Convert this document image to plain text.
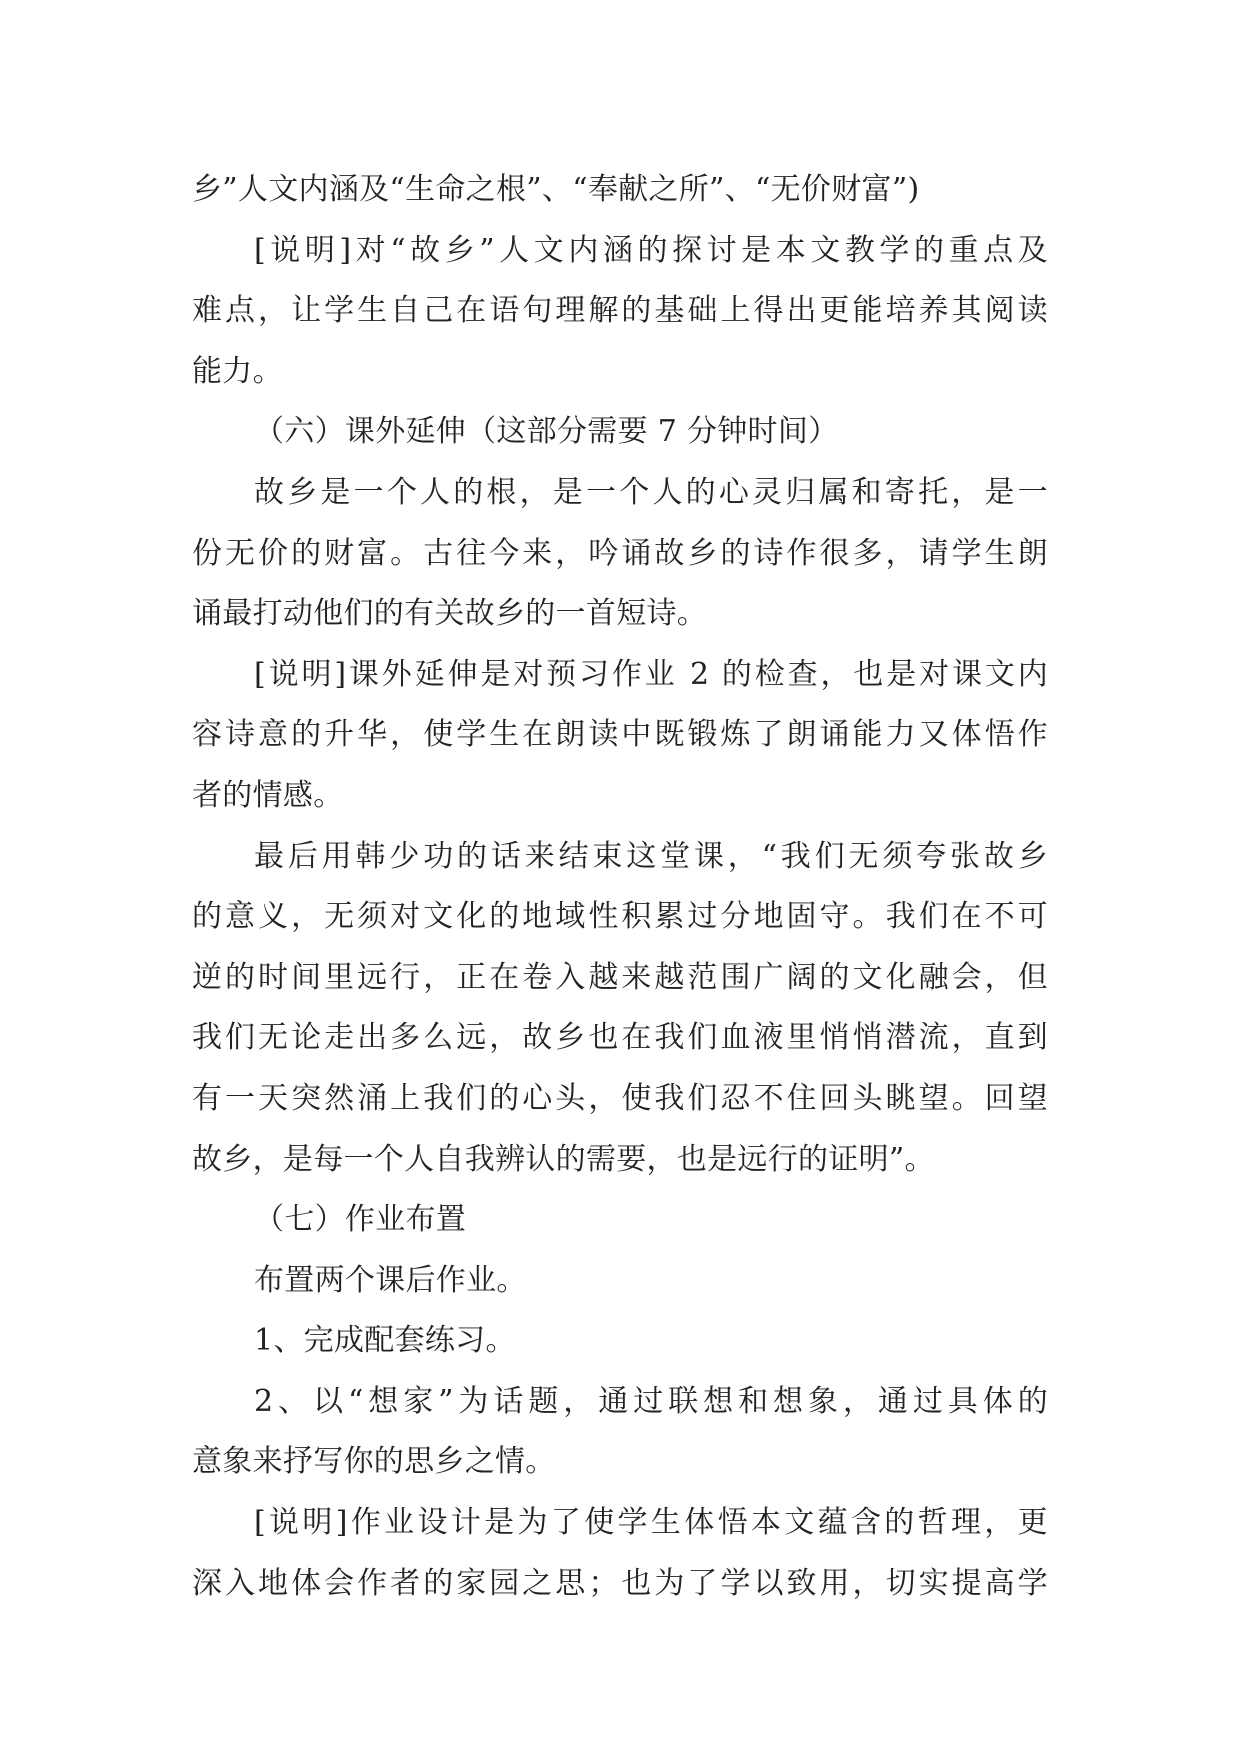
乡”人文内涵及“生命之根”、“奉献之所”、“无价财富”)
[说明]对“故乡”人文内涵的探讨是本文教学的重点及
难点，让学生自己在语句理解的基础上得出更能培养其阅读
能力。
（六）课外延伸（这部分需要 7 分钟时间）
故乡是一个人的根，是一个人的心灵归属和寄托，是一
份无价的财富。古往今来，吟诵故乡的诗作很多，请学生朗
诵最打动他们的有关故乡的一首短诗。
[说明]课外延伸是对预习作业 2 的检查，也是对课文内
容诗意的升华，使学生在朗读中既锻炼了朗诵能力又体悟作
者的情感。
最后用韩少功的话来结束这堂课，“我们无须夸张故乡
的意义，无须对文化的地域性积累过分地固守。我们在不可
逆的时间里远行，正在卷入越来越范围广阔的文化融会，但
我们无论走出多么远，故乡也在我们血液里悄悄潜流，直到
有一天突然涌上我们的心头，使我们忍不住回头眺望。回望
故乡，是每一个人自我辨认的需要，也是远行的证明”。
（七）作业布置
布置两个课后作业。
1、完成配套练习。
2、以“想家”为话题，通过联想和想象，通过具体的
意象来抒写你的思乡之情。
[说明]作业设计是为了使学生体悟本文蕴含的哲理，更
深入地体会作者的家园之思；也为了学以致用，切实提高学
